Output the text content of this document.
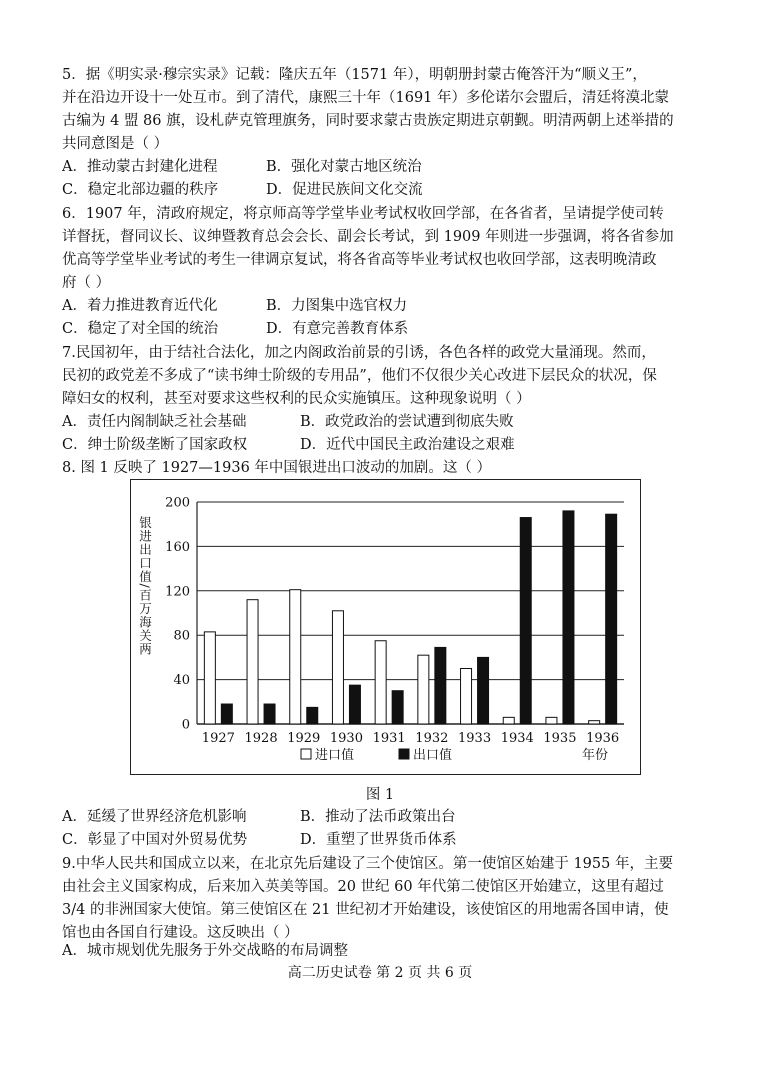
5．据《明实录·穆宗实录》记载：隆庆五年（1571 年），明朝册封蒙古俺答汗为“顺义王”，
并在沿边开设十一处互市。到了清代，康熙三十年（1691 年）多伦诺尔会盟后，清廷将漠北蒙
古编为 4 盟 86 旗，设札萨克管理旗务，同时要求蒙古贵族定期进京朝觐。明清两朝上述举措的
共同意图是（ ）
A．推动蒙古封建化进程	B．强化对蒙古地区统治
C．稳定北部边疆的秩序	D．促进民族间文化交流
6．1907 年，清政府规定，将京师高等学堂毕业考试权收回学部，在各省者，呈请提学使司转
详督抚，督同议长、议绅暨教育总会会长、副会长考试，到 1909 年则进一步强调，将各省参加
优高等学堂毕业考试的考生一律调京复试，将各省高等毕业考试权也收回学部，这表明晚清政
府（ ）
A．着力推进教育近代化	B．力图集中选官权力
C．稳定了对全国的统治	D．有意完善教育体系
7.民国初年，由于结社合法化，加之内阁政治前景的引诱，各色各样的政党大量涌现。然而，
民初的政党差不多成了“读书绅士阶级的专用品”，他们不仅很少关心改进下层民众的状况，保
障妇女的权利，甚至对要求这些权利的民众实施镇压。这种现象说明（ ）
A．责任内阁制缺乏社会基础	B．政党政治的尝试遭到彻底失败
C．绅士阶级垄断了国家政权	D．近代中国民主政治建设之艰难
8. 图 1 反映了 1927—1936 年中国银进出口波动的加剧。这（ ）
0
40
80
120
160
200
1927 1928 1929 1930 1931 1932 1933 1934 1935 1936
银进出口值/百万海关两
进口值	出口值	年份
图 1
A．延缓了世界经济危机影响	B．推动了法币政策出台
C．彰显了中国对外贸易优势	D．重塑了世界货币体系
9.中华人民共和国成立以来，在北京先后建设了三个使馆区。第一使馆区始建于 1955 年，主要
由社会主义国家构成，后来加入英美等国。20 世纪 60 年代第二使馆区开始建立，这里有超过
3/4 的非洲国家大使馆。第三使馆区在 21 世纪初才开始建设，该使馆区的用地需各国申请，使
馆也由各国自行建设。这反映出（ ）
A．城市规划优先服务于外交战略的布局调整
高二历史试卷 第 2 页 共 6 页
